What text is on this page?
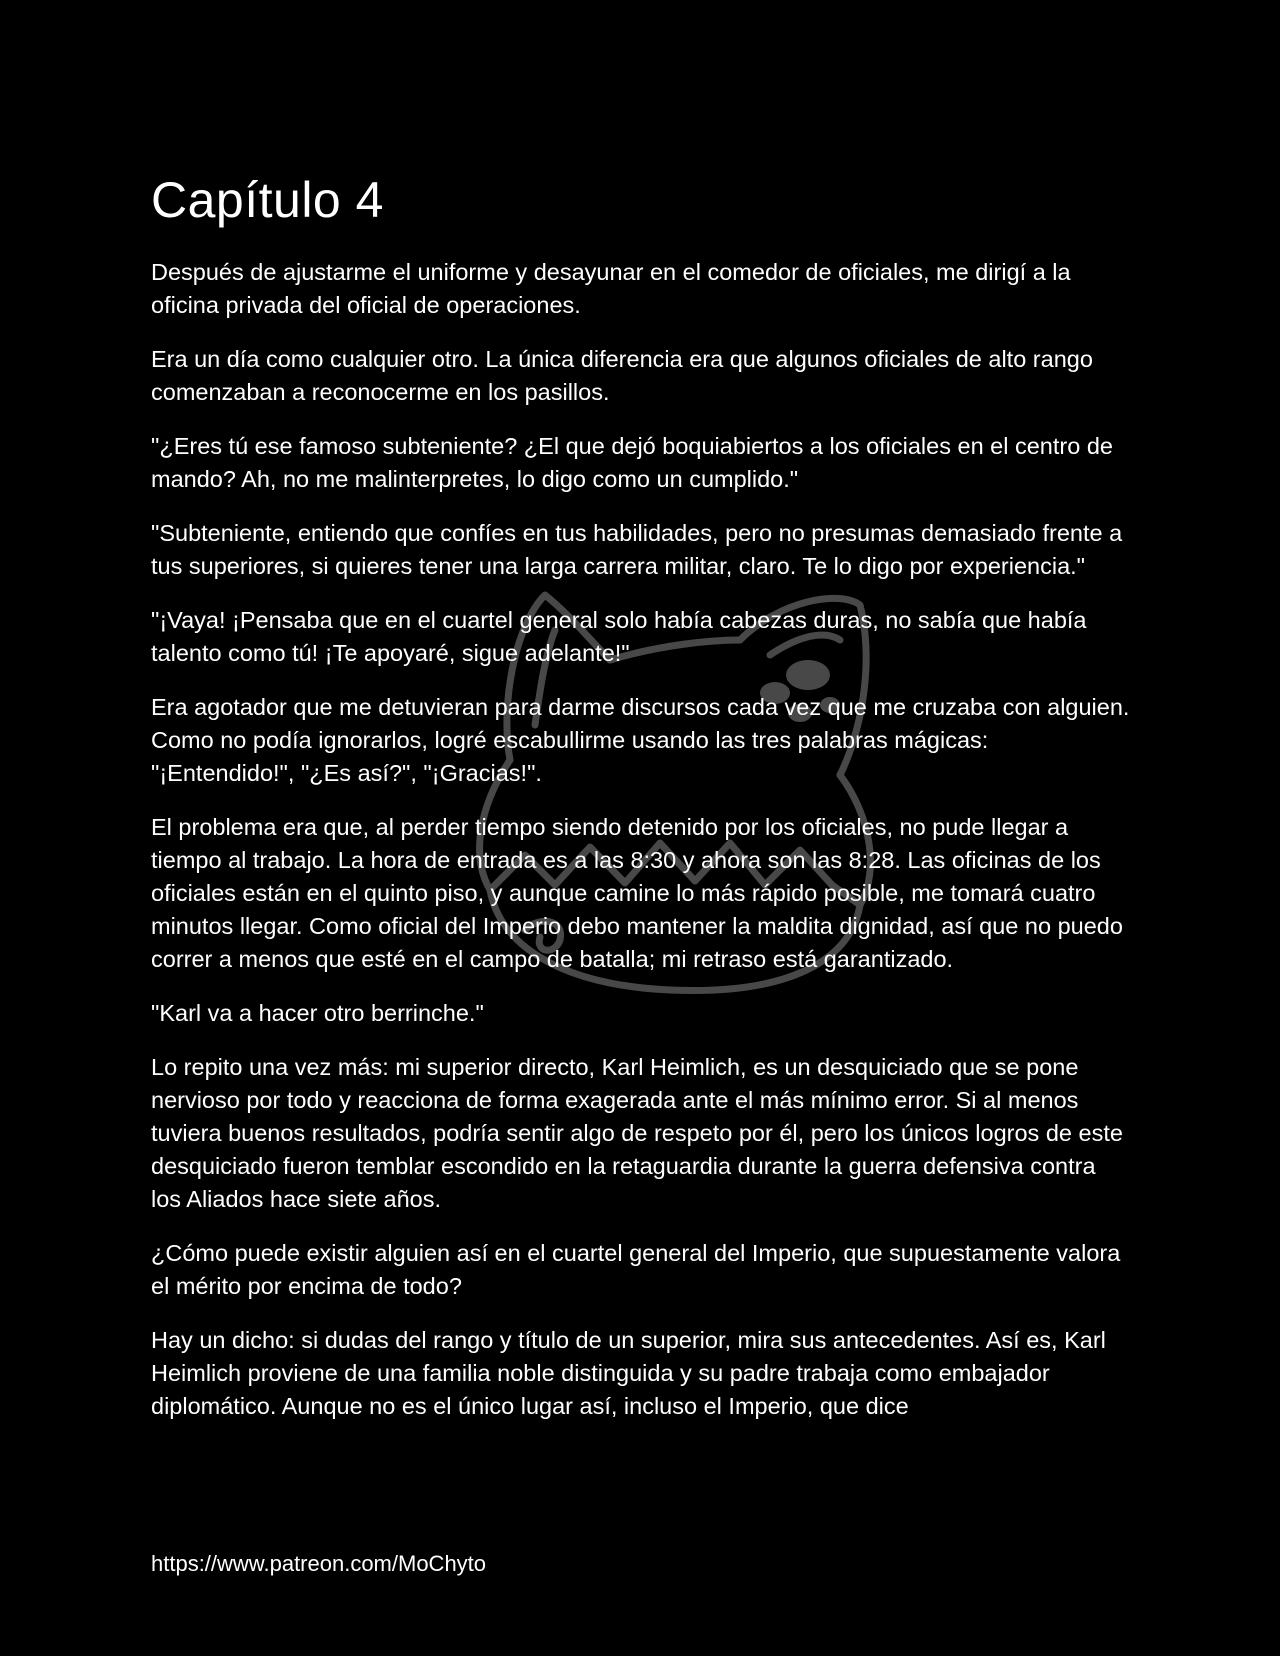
Capítulo 4

Después de ajustarme el uniforme y desayunar en el comedor de oficiales, me dirigí a la oficina privada del oficial de operaciones.

Era un día como cualquier otro. La única diferencia era que algunos oficiales de alto rango comenzaban a reconocerme en los pasillos.

"¿Eres tú ese famoso subteniente? ¿El que dejó boquiabiertos a los oficiales en el centro de mando? Ah, no me malinterpretes, lo digo como un cumplido."

"Subteniente, entiendo que confíes en tus habilidades, pero no presumas demasiado frente a tus superiores, si quieres tener una larga carrera militar, claro. Te lo digo por experiencia."

"¡Vaya! ¡Pensaba que en el cuartel general solo había cabezas duras, no sabía que había talento como tú! ¡Te apoyaré, sigue adelante!"

Era agotador que me detuvieran para darme discursos cada vez que me cruzaba con alguien. Como no podía ignorarlos, logré escabullirme usando las tres palabras mágicas: "¡Entendido!", "¿Es así?", "¡Gracias!".

El problema era que, al perder tiempo siendo detenido por los oficiales, no pude llegar a tiempo al trabajo. La hora de entrada es a las 8:30 y ahora son las 8:28. Las oficinas de los oficiales están en el quinto piso, y aunque camine lo más rápido posible, me tomará cuatro minutos llegar. Como oficial del Imperio debo mantener la maldita dignidad, así que no puedo correr a menos que esté en el campo de batalla; mi retraso está garantizado.

"Karl va a hacer otro berrinche."

Lo repito una vez más: mi superior directo, Karl Heimlich, es un desquiciado que se pone nervioso por todo y reacciona de forma exagerada ante el más mínimo error. Si al menos tuviera buenos resultados, podría sentir algo de respeto por él, pero los únicos logros de este desquiciado fueron temblar escondido en la retaguardia durante la guerra defensiva contra los Aliados hace siete años.

¿Cómo puede existir alguien así en el cuartel general del Imperio, que supuestamente valora el mérito por encima de todo?

Hay un dicho: si dudas del rango y título de un superior, mira sus antecedentes. Así es, Karl Heimlich proviene de una familia noble distinguida y su padre trabaja como embajador diplomático. Aunque no es el único lugar así, incluso el Imperio, que dice

https://www.patreon.com/MoChyto
